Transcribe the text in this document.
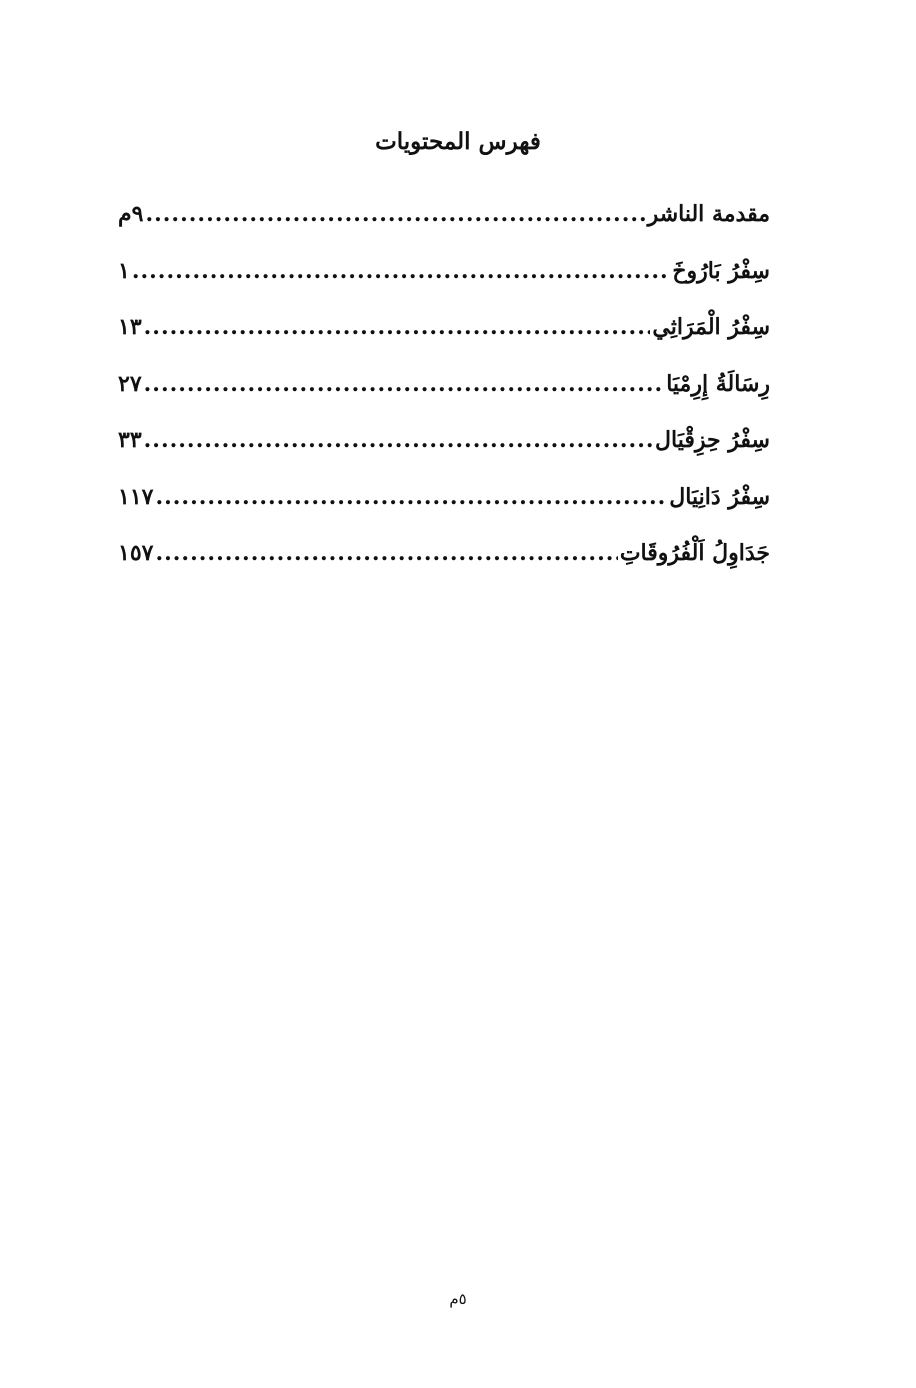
فهرس المحتويات
مقدمة الناشر
.....
٩م
سِفْرُ بَارُوخَ
.....
١
سِفْرُ الْمَرَاثِي
.....
١٣
رِسَالَةُ إِرِمْيَا
.....
٢٧
سِفْرُ حِزِقْيَال
.....
٣٣
سِفْرُ دَانِيَال
.....
١١٧
جَدَاوِلُ اَلْفُرُوقَاتِ
.....
١٥٧
٥م
